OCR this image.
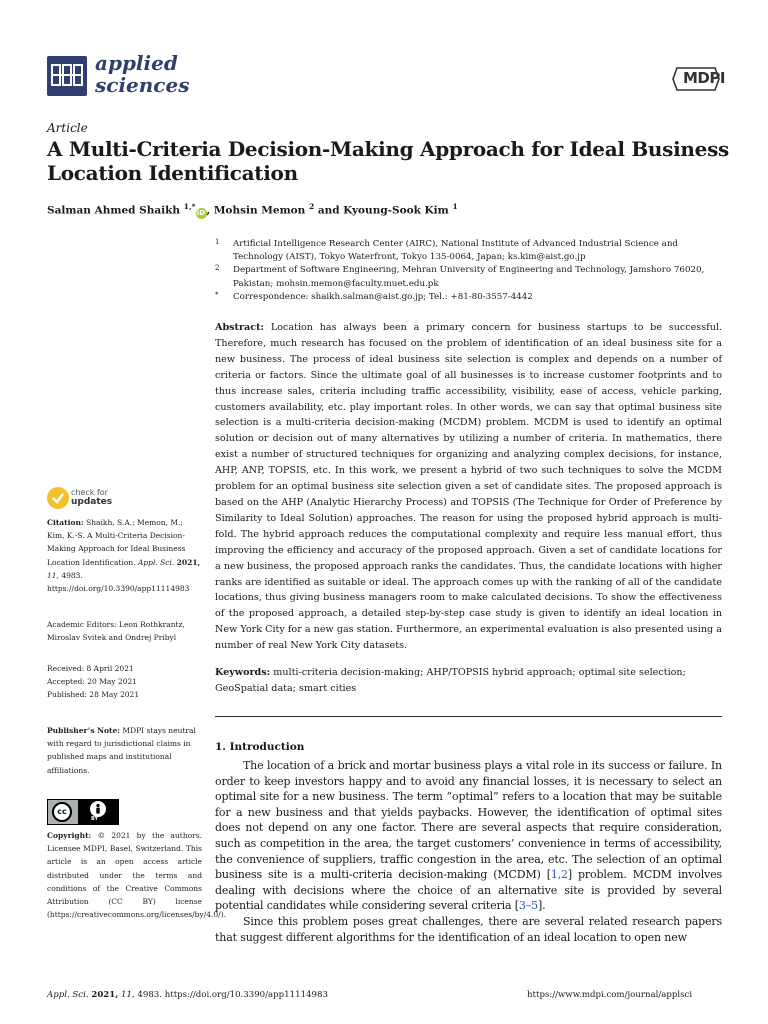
applied
sciences	MDPI
Article
A Multi-Criteria Decision-Making Approach for Ideal Business Location Identification
Salman Ahmed Shaikh $^{1,*}$iD, Mohsin Memon $^2$ and Kyoung-Sook Kim $^1$
1 Artificial Intelligence Research Center (AIRC), National Institute of Advanced Industrial Science and Technology (AIST), Tokyo Waterfront, Tokyo 135-0064, Japan; ks.kim@aist.go.jp
2 Department of Software Engineering, Mehran University of Engineering and Technology, Jamshoro 76020, Pakistan; mohsin.memon@faculty.muet.edu.pk
* Correspondence: shaikh.salman@aist.go.jp; Tel.: +81-80-3557-4442
Abstract: Location has always been a primary concern for business startups to be successful. Therefore, much research has focused on the problem of identification of an ideal business site for a new business. The process of ideal business site selection is complex and depends on a number of criteria or factors. Since the ultimate goal of all businesses is to increase customer footprints and to thus increase sales, criteria including traffic accessibility, visibility, ease of access, vehicle parking, customers availability, etc. play important roles. In other words, we can say that optimal business site selection is a multi-criteria decision-making (MCDM) problem. MCDM is used to identify an optimal solution or decision out of many alternatives by utilizing a number of criteria. In mathematics, there exist a number of structured techniques for organizing and analyzing complex decisions, for instance, AHP, ANP, TOPSIS, etc. In this work, we present a hybrid of two such techniques to solve the MCDM problem for an optimal business site selection given a set of candidate sites. The proposed approach is based on the AHP (Analytic Hierarchy Process) and TOPSIS (The Technique for Order of Preference by Similarity to Ideal Solution) approaches. The reason for using the proposed hybrid approach is multi-fold. The hybrid approach reduces the computational complexity and require less manual effort, thus improving the efficiency and accuracy of the proposed approach. Given a set of candidate locations for a new business, the proposed approach ranks the candidates. Thus, the candidate locations with higher ranks are identified as suitable or ideal. The approach comes up with the ranking of all of the candidate locations, thus giving business managers room to make calculated decisions. To show the effectiveness of the proposed approach, a detailed step-by-step case study is given to identify an ideal location in New York City for a new gas station. Furthermore, an experimental evaluation is also presented using a number of real New York City datasets.
Keywords: multi-criteria decision-making; AHP/TOPSIS hybrid approach; optimal site selection; GeoSpatial data; smart cities
1. Introduction

The location of a brick and mortar business plays a vital role in its success or failure. In order to keep investors happy and to avoid any financial losses, it is necessary to select an optimal site for a new business. The term “optimal” refers to a location that may be suitable for a new business and that yields paybacks. However, the identification of optimal sites does not depend on any one factor. There are several aspects that require consideration, such as competition in the area, the target customers’ convenience in terms of accessibility, the convenience of suppliers, traffic congestion in the area, etc. The selection of an optimal business site is a multi-criteria decision-making (MCDM) [1,2] problem. MCDM involves dealing with decisions where the choice of an alternative site is provided by several potential candidates while considering several criteria [3–5].

Since this problem poses great challenges, there are several related research papers that suggest different algorithms for the identification of an ideal location to open new

check for
updates
Citation: Shaikh, S.A.; Memon, M.; Kim, K.-S. A Multi-Criteria Decision-Making Approach for Ideal Business Location Identification. Appl. Sci. 2021, 11, 4983. https://doi.org/10.3390/app11114983
Academic Editors: Leon Rothkrantz, Miroslav Svitek and Ondrej Pribyl
Received: 8 April 2021
Accepted: 20 May 2021
Published: 28 May 2021
Publisher’s Note: MDPI stays neutral with regard to jurisdictional claims in published maps and institutional affiliations.
cc
BY
Copyright: © 2021 by the authors. Licensee MDPI, Basel, Switzerland. This article is an open access article distributed under the terms and conditions of the Creative Commons Attribution (CC BY) license (https://creativecommons.org/licenses/by/4.0/).
Appl. Sci. 2021, 11, 4983. https://doi.org/10.3390/app11114983	https://www.mdpi.com/journal/applsci
